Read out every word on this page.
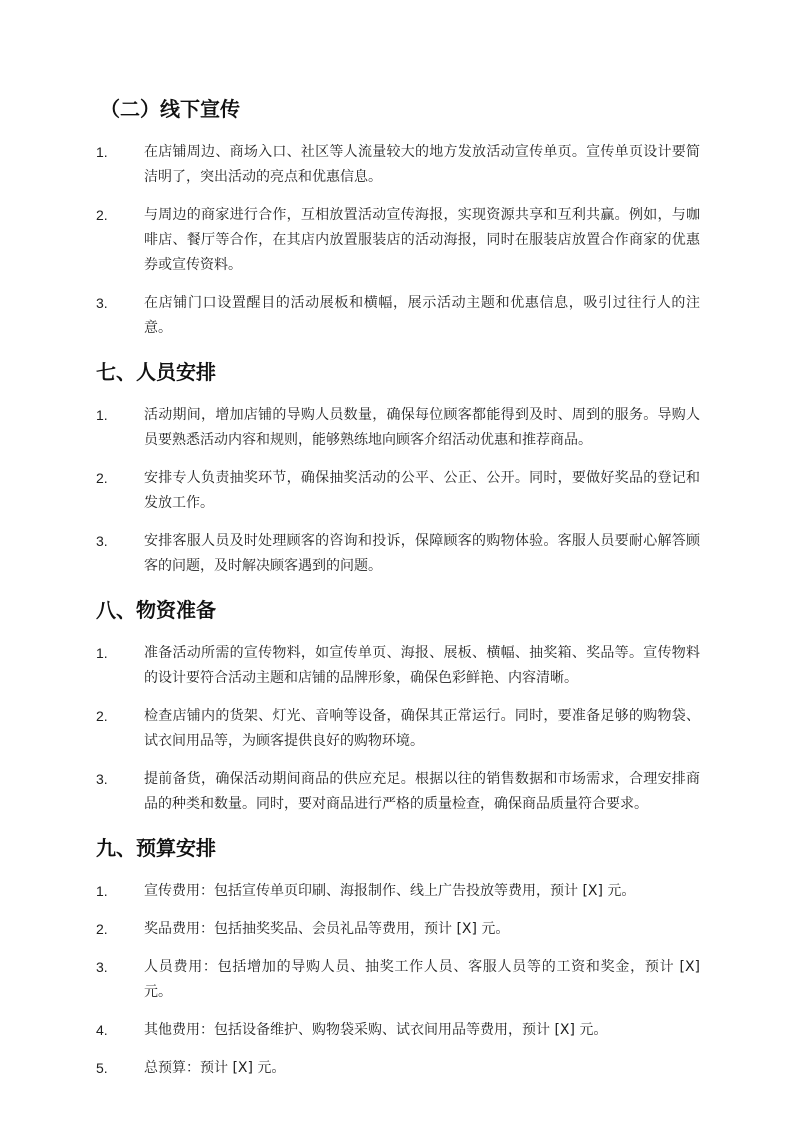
（二）线下宣传
1.	在店铺周边、商场入口、社区等人流量较大的地方发放活动宣传单页。宣传单页设计要简洁明了，突出活动的亮点和优惠信息。
2.	与周边的商家进行合作，互相放置活动宣传海报，实现资源共享和互利共赢。例如，与咖啡店、餐厅等合作，在其店内放置服装店的活动海报，同时在服装店放置合作商家的优惠券或宣传资料。
3.	在店铺门口设置醒目的活动展板和横幅，展示活动主题和优惠信息，吸引过往行人的注意。
七、人员安排
1.	活动期间，增加店铺的导购人员数量，确保每位顾客都能得到及时、周到的服务。导购人员要熟悉活动内容和规则，能够熟练地向顾客介绍活动优惠和推荐商品。
2.	安排专人负责抽奖环节，确保抽奖活动的公平、公正、公开。同时，要做好奖品的登记和发放工作。
3.	安排客服人员及时处理顾客的咨询和投诉，保障顾客的购物体验。客服人员要耐心解答顾客的问题，及时解决顾客遇到的问题。
八、物资准备
1.	准备活动所需的宣传物料，如宣传单页、海报、展板、横幅、抽奖箱、奖品等。宣传物料的设计要符合活动主题和店铺的品牌形象，确保色彩鲜艳、内容清晰。
2.	检查店铺内的货架、灯光、音响等设备，确保其正常运行。同时，要准备足够的购物袋、试衣间用品等，为顾客提供良好的购物环境。
3.	提前备货，确保活动期间商品的供应充足。根据以往的销售数据和市场需求，合理安排商品的种类和数量。同时，要对商品进行严格的质量检查，确保商品质量符合要求。
九、预算安排
1.	宣传费用：包括宣传单页印刷、海报制作、线上广告投放等费用，预计 [X] 元。
2.	奖品费用：包括抽奖奖品、会员礼品等费用，预计 [X] 元。
3.	人员费用：包括增加的导购人员、抽奖工作人员、客服人员等的工资和奖金，预计 [X] 元。
4.	其他费用：包括设备维护、购物袋采购、试衣间用品等费用，预计 [X] 元。
5.	总预算：预计 [X] 元。
